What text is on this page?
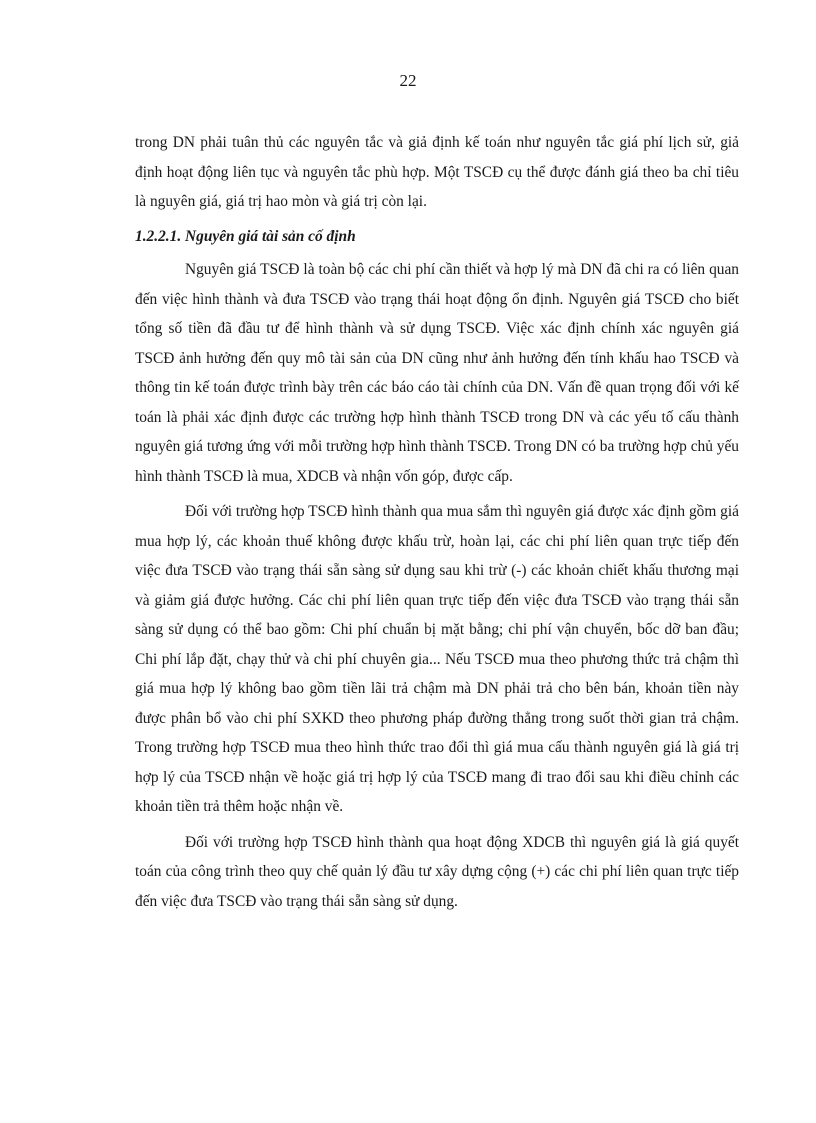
22

trong DN phải tuân thủ các nguyên tắc và giả định kế toán như nguyên tắc giá phí lịch sử, giả định hoạt động liên tục và nguyên tắc phù hợp. Một TSCĐ cụ thể được đánh giá theo ba chỉ tiêu là nguyên giá, giá trị hao mòn và giá trị còn lại.

1.2.2.1. Nguyên giá tài sản cố định

Nguyên giá TSCĐ là toàn bộ các chi phí cần thiết và hợp lý mà DN đã chi ra có liên quan đến việc hình thành và đưa TSCĐ vào trạng thái hoạt động ổn định. Nguyên giá TSCĐ cho biết tổng số tiền đã đầu tư để hình thành và sử dụng TSCĐ. Việc xác định chính xác nguyên giá TSCĐ ảnh hưởng đến quy mô tài sản của DN cũng như ảnh hưởng đến tính khấu hao TSCĐ và thông tin kế toán được trình bày trên các báo cáo tài chính của DN. Vấn đề quan trọng đối với kế toán là phải xác định được các trường hợp hình thành TSCĐ trong DN và các yếu tố cấu thành nguyên giá tương ứng với mỗi trường hợp hình thành TSCĐ. Trong DN có ba trường hợp chủ yếu hình thành TSCĐ là mua, XDCB và nhận vốn góp, được cấp.

Đối với trường hợp TSCĐ hình thành qua mua sắm thì nguyên giá được xác định gồm giá mua hợp lý, các khoản thuế không được khấu trừ, hoàn lại, các chi phí liên quan trực tiếp đến việc đưa TSCĐ vào trạng thái sẵn sàng sử dụng sau khi trừ (-) các khoản chiết khấu thương mại và giảm giá được hưởng. Các chi phí liên quan trực tiếp đến việc đưa TSCĐ vào trạng thái sẵn sàng sử dụng có thể bao gồm: Chi phí chuẩn bị mặt bằng; chi phí vận chuyển, bốc dỡ ban đầu; Chi phí lắp đặt, chạy thử và chi phí chuyên gia... Nếu TSCĐ mua theo phương thức trả chậm thì giá mua hợp lý không bao gồm tiền lãi trả chậm mà DN phải trả cho bên bán, khoản tiền này được phân bổ vào chi phí SXKD theo phương pháp đường thẳng trong suốt thời gian trả chậm. Trong trường hợp TSCĐ mua theo hình thức trao đổi thì giá mua cấu thành nguyên giá là giá trị hợp lý của TSCĐ nhận về hoặc giá trị hợp lý của TSCĐ mang đi trao đổi sau khi điều chỉnh các khoản tiền trả thêm hoặc nhận về.

Đối với trường hợp TSCĐ hình thành qua hoạt động XDCB thì nguyên giá là giá quyết toán của công trình theo quy chế quản lý đầu tư xây dựng cộng (+) các chi phí liên quan trực tiếp đến việc đưa TSCĐ vào trạng thái sẵn sàng sử dụng.
